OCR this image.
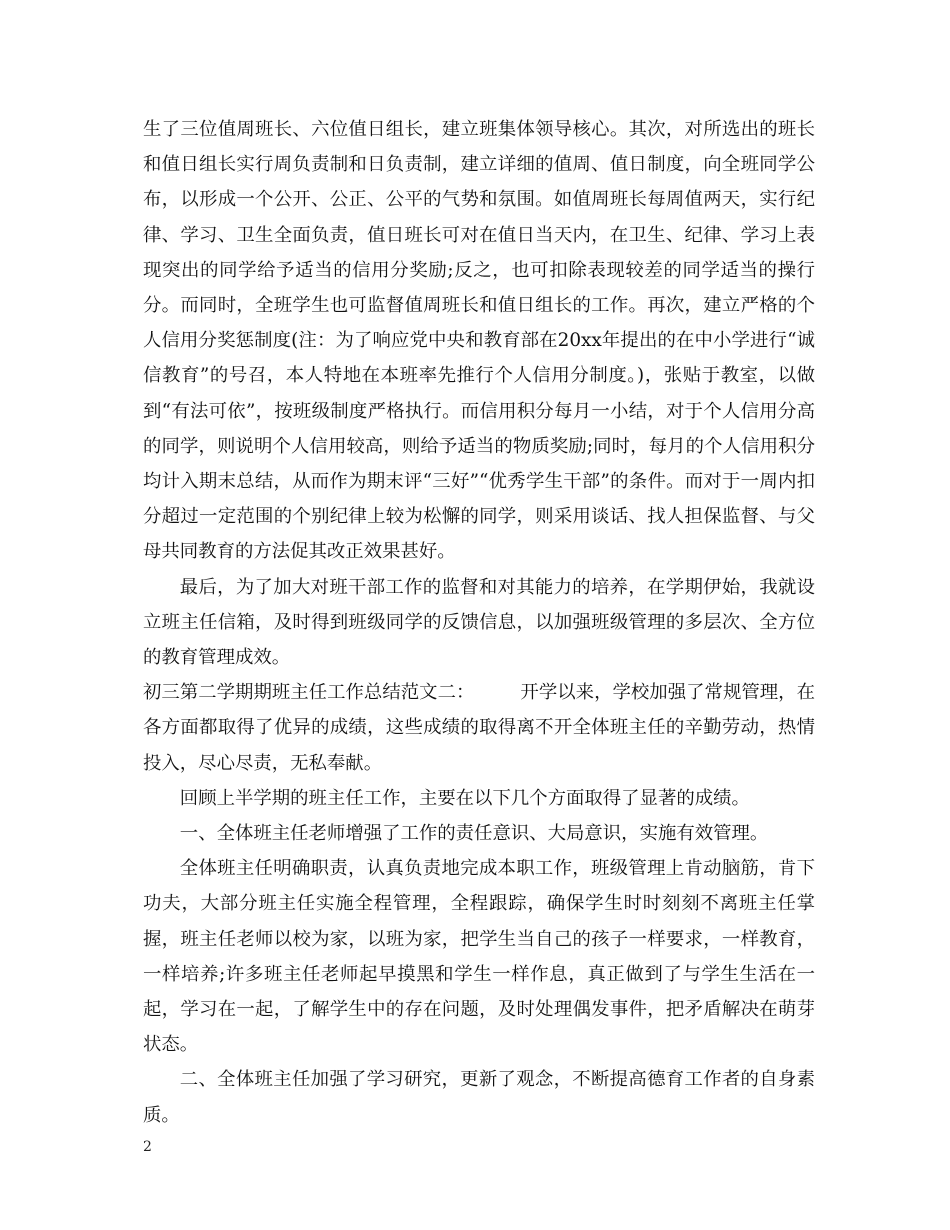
生了三位值周班长、六位值日组长，建立班集体领导核心。其次，对所选出的班长和值日组长实行周负责制和日负责制，建立详细的值周、值日制度，向全班同学公布，以形成一个公开、公正、公平的气势和氛围。如值周班长每周值两天，实行纪律、学习、卫生全面负责，值日班长可对在值日当天内，在卫生、纪律、学习上表现突出的同学给予适当的信用分奖励;反之，也可扣除表现较差的同学适当的操行分。而同时，全班学生也可监督值周班长和值日组长的工作。再次，建立严格的个人信用分奖惩制度(注：为了响应党中央和教育部在20xx年提出的在中小学进行“诚信教育”的号召，本人特地在本班率先推行个人信用分制度。)，张贴于教室，以做到“有法可依”，按班级制度严格执行。而信用积分每月一小结，对于个人信用分高的同学，则说明个人信用较高，则给予适当的物质奖励;同时，每月的个人信用积分均计入期末总结，从而作为期末评“三好”“优秀学生干部”的条件。而对于一周内扣分超过一定范围的个别纪律上较为松懈的同学，则采用谈话、找人担保监督、与父母共同教育的方法促其改正效果甚好。

最后，为了加大对班干部工作的监督和对其能力的培养，在学期伊始，我就设立班主任信箱，及时得到班级同学的反馈信息，以加强班级管理的多层次、全方位的教育管理成效。

初三第二学期期班主任工作总结范文二：　　　开学以来，学校加强了常规管理，在各方面都取得了优异的成绩，这些成绩的取得离不开全体班主任的辛勤劳动，热情投入，尽心尽责，无私奉献。

回顾上半学期的班主任工作，主要在以下几个方面取得了显著的成绩。

一、全体班主任老师增强了工作的责任意识、大局意识，实施有效管理。

全体班主任明确职责，认真负责地完成本职工作，班级管理上肯动脑筋，肯下功夫，大部分班主任实施全程管理，全程跟踪，确保学生时时刻刻不离班主任掌握，班主任老师以校为家，以班为家，把学生当自己的孩子一样要求，一样教育，一样培养;许多班主任老师起早摸黑和学生一样作息，真正做到了与学生生活在一起，学习在一起，了解学生中的存在问题，及时处理偶发事件，把矛盾解决在萌芽状态。

二、全体班主任加强了学习研究，更新了观念，不断提高德育工作者的自身素质。

2
